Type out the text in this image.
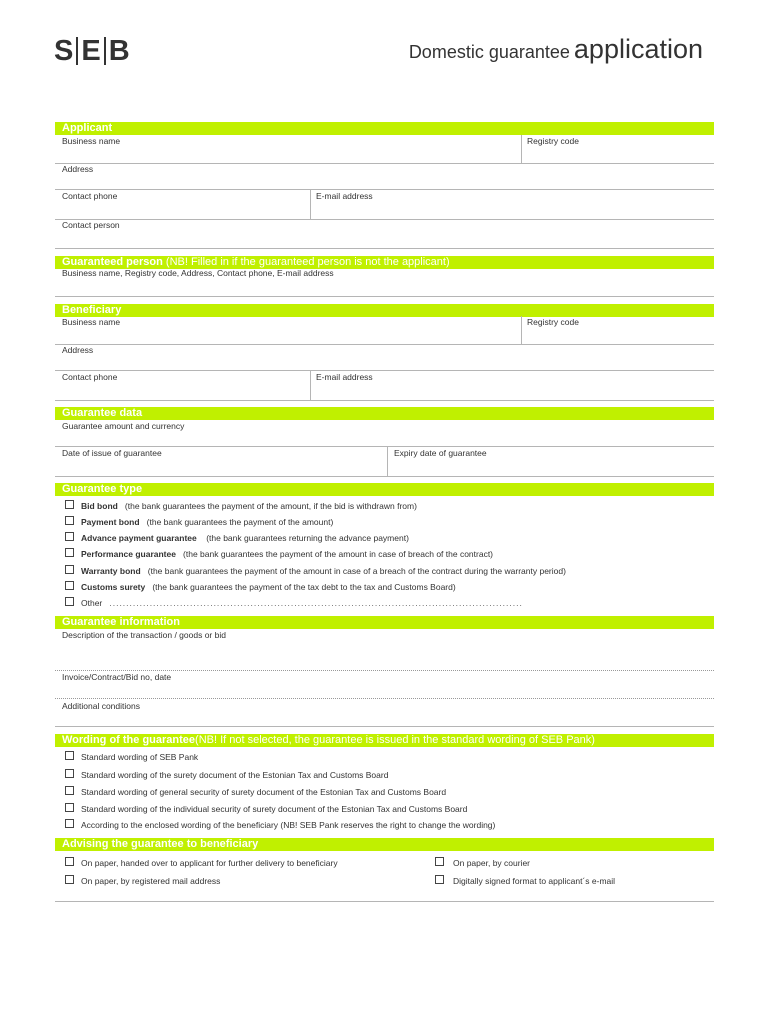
S E B	Domestic guarantee application
Applicant
Business name	Registry code
Address
Contact phone	E-mail address
Contact person
Guaranteed person (NB! Filled in if the guaranteed person is not the applicant)
Business name, Registry code, Address, Contact phone, E-mail address
Beneficiary
Business name	Registry code
Address
Contact phone	E-mail address
Guarantee data
Guarantee amount and currency
Date of issue of guarantee	Expiry date of guarantee
Guarantee type
Bid bond (the bank guarantees the payment of the amount, if the bid is withdrawn from)
Payment bond (the bank guarantees the payment of the amount)
Advance payment guarantee (the bank guarantees returning the advance payment)
Performance guarantee (the bank guarantees the payment of the amount in case of breach of the contract)
Warranty bond (the bank guarantees the payment of the amount in case of a breach of the contract during the warranty period)
Customs surety (the bank guarantees the payment of the tax debt to the tax and Customs Board)
Other ...........................................................................................................................
Guarantee information
Description of the transaction / goods or bid
Invoice/Contract/Bid no, date
Additional conditions
Wording of the guarantee(NB! If not selected, the guarantee is issued in the standard wording of SEB Pank)
Standard wording of SEB Pank
Standard wording of the surety document of the Estonian Tax and Customs Board
Standard wording of general security of surety document of the Estonian Tax and Customs Board
Standard wording of the individual security of surety document of the Estonian Tax and Customs Board
According to the enclosed wording of the beneficiary (NB! SEB Pank reserves the right to change the wording)
Advising the guarantee to beneficiary
On paper, handed over to applicant for further delivery to beneficiary	On paper, by courier
On paper, by registered mail address	Digitally signed format to applicant´s e-mail
